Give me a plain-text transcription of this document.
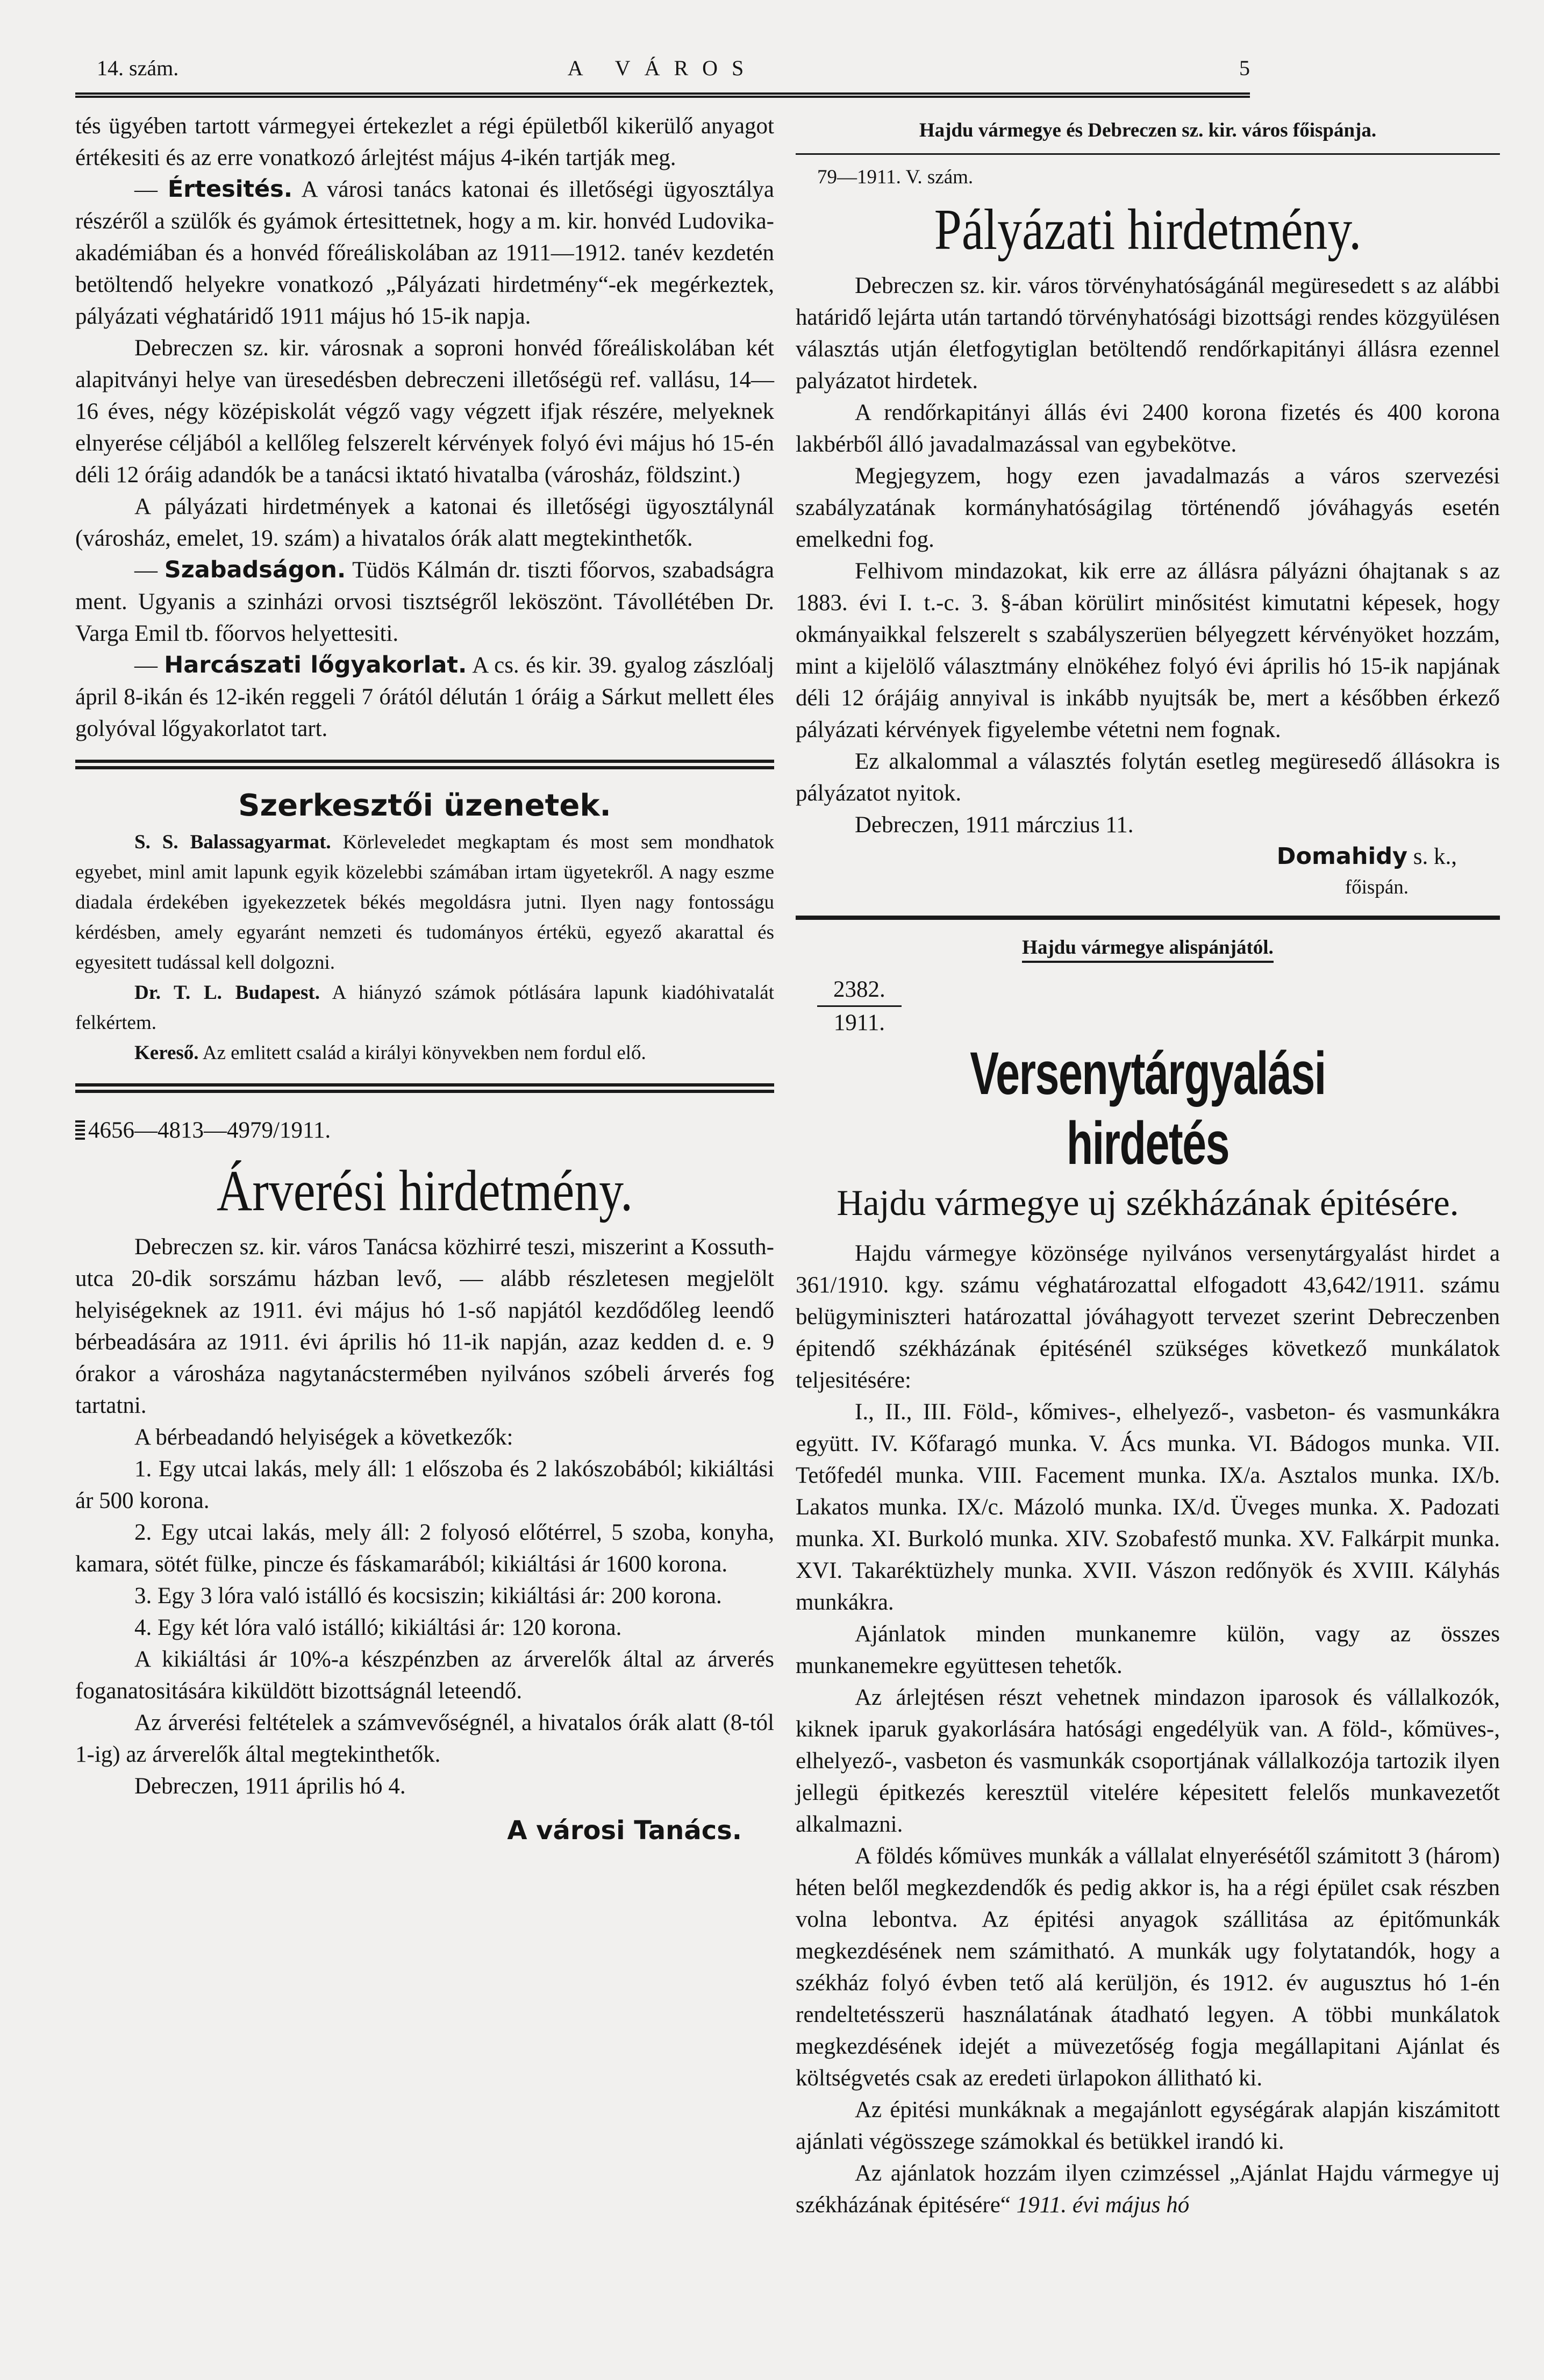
14. szám.	A VÁROS	5

tés ügyében tartott vármegyei értekezlet a régi épületből kikerülő anyagot értékesiti és az erre vonatkozó árlejtést május 4-ikén tartják meg.

— Értesités. A városi tanács katonai és illetőségi ügyosztálya részéről a szülők és gyámok értesittetnek, hogy a m. kir. honvéd Ludovika-akadémiában és a honvéd főreáliskolában az 1911—1912. tanév kezdetén betöltendő helyekre vonatkozó „Pályázati hirdetmény“-ek megérkeztek, pályázati véghatáridő 1911 május hó 15-ik napja.

Debreczen sz. kir. városnak a soproni honvéd főreáliskolában két alapitványi helye van üresedésben debreczeni illetőségü ref. vallásu, 14—16 éves, négy középiskolát végző vagy végzett ifjak részére, melyeknek elnyerése céljából a kellőleg felszerelt kérvények folyó évi május hó 15-én déli 12 óráig adandók be a tanácsi iktató hivatalba (városház, földszint.)

A pályázati hirdetmények a katonai és illetőségi ügyosztálynál (városház, emelet, 19. szám) a hivatalos órák alatt megtekinthetők.

— Szabadságon. Tüdös Kálmán dr. tiszti főorvos, szabadságra ment. Ugyanis a szinházi orvosi tisztségről leköszönt. Távollétében Dr. Varga Emil tb. főorvos helyettesiti.

— Harcászati lőgyakorlat. A cs. és kir. 39. gyalog zászlóalj ápril 8-ikán és 12-ikén reggeli 7 órától délután 1 óráig a Sárkut mellett éles golyóval lőgyakorlatot tart.

Szerkesztői üzenetek.

S. S. Balassagyarmat. Körleveledet megkaptam és most sem mondhatok egyebet, minl amit lapunk egyik közelebbi számában irtam ügyetekről. A nagy eszme diadala érdekében igyekezzetek békés megoldásra jutni. Ilyen nagy fontosságu kérdésben, amely egyaránt nemzeti és tudományos értékü, egyező akarattal és egyesitett tudással kell dolgozni.

Dr. T. L. Budapest. A hiányzó számok pótlására lapunk kiadóhivatalát felkértem.

Kereső. Az emlitett család a királyi könyvekben nem fordul elő.

4656—4813—4979/1911.

Árverési hirdetmény.

Debreczen sz. kir. város Tanácsa közhirré teszi, miszerint a Kossuth-utca 20-dik sorszámu házban levő, — alább részletesen megjelölt helyiségeknek az 1911. évi május hó 1-ső napjától kezdődőleg leendő bérbeadására az 1911. évi április hó 11-ik napján, azaz kedden d. e. 9 órakor a városháza nagytanácstermében nyilvános szóbeli árverés fog tartatni.

A bérbeadandó helyiségek a következők:

1. Egy utcai lakás, mely áll: 1 előszoba és 2 lakószobából; kikiáltási ár 500 korona.

2. Egy utcai lakás, mely áll: 2 folyosó előtérrel, 5 szoba, konyha, kamara, sötét fülke, pincze és fáskamarából; kikiáltási ár 1600 korona.

3. Egy 3 lóra való istálló és kocsiszin; kikiáltási ár: 200 korona.

4. Egy két lóra való istálló; kikiáltási ár: 120 korona.

A kikiáltási ár 10%-a készpénzben az árverelők által az árverés foganatositására kiküldött bizottságnál leteendő.

Az árverési feltételek a számvevőségnél, a hivatalos órák alatt (8-tól 1-ig) az árverelők által megtekinthetők.

Debreczen, 1911 április hó 4.

A városi Tanács.

Hajdu vármegye és Debreczen sz. kir. város főispánja.

79—1911. V. szám.

Pályázati hirdetmény.

Debreczen sz. kir. város törvényhatóságánál megüresedett s az alábbi határidő lejárta után tartandó törvényhatósági bizottsági rendes közgyülésen választás utján életfogytiglan betöltendő rendőrkapitányi állásra ezennel palyázatot hirdetek.

A rendőrkapitányi állás évi 2400 korona fizetés és 400 korona lakbérből álló javadalmazással van egybekötve.

Megjegyzem, hogy ezen javadalmazás a város szervezési szabályzatának kormányhatóságilag történendő jóváhagyás esetén emelkedni fog.

Felhivom mindazokat, kik erre az állásra pályázni óhajtanak s az 1883. évi I. t.-c. 3. §-ában körülirt minősitést kimutatni képesek, hogy okmányaikkal felszerelt s szabályszerüen bélyegzett kérvényöket hozzám, mint a kijelölő választmány elnökéhez folyó évi április hó 15-ik napjának déli 12 órájáig annyival is inkább nyujtsák be, mert a későbben érkező pályázati kérvények figyelembe vétetni nem fognak.

Ez alkalommal a választés folytán esetleg megüresedő állásokra is pályázatot nyitok.

Debreczen, 1911 márczius 11.

Domahidy s. k.,

főispán.

Hajdu vármegye alispánjától.

$\frac{2382.}{1911.}$
Versenytárgyalási hirdetés
Hajdu vármegye uj székházának épitésére.

Hajdu vármegye közönsége nyilvános versenytárgyalást hirdet a 361/1910. kgy. számu véghatározattal elfogadott 43,642/1911. számu belügyminiszteri határozattal jóváhagyott tervezet szerint Debreczenben épitendő székházának épitésénél szükséges következő munkálatok teljesitésére:

I., II., III. Föld-, kőmives-, elhelyező-, vasbeton- és vasmunkákra együtt. IV. Kőfaragó munka. V. Ács munka. VI. Bádogos munka. VII. Tetőfedél munka. VIII. Facement munka. IX/a. Asztalos munka. IX/b. Lakatos munka. IX/c. Mázoló munka. IX/d. Üveges munka. X. Padozati munka. XI. Burkoló munka. XIV. Szobafestő munka. XV. Falkárpit munka. XVI. Takaréktüzhely munka. XVII. Vászon redőnyök és XVIII. Kályhás munkákra.

Ajánlatok minden munkanemre külön, vagy az összes munkanemekre együttesen tehetők.

Az árlejtésen részt vehetnek mindazon iparosok és vállalkozók, kiknek iparuk gyakorlására hatósági engedélyük van. A föld-, kőmüves-, elhelyező-, vasbeton és vasmunkák csoportjának vállalkozója tartozik ilyen jellegü épitkezés keresztül vitelére képesitett felelős munkavezetőt alkalmazni.

A földés kőmüves munkák a vállalat elnyerésétől számitott 3 (három) héten belől megkezdendők és pedig akkor is, ha a régi épület csak részben volna lebontva. Az épitési anyagok szállitása az épitőmunkák megkezdésének nem számitható. A munkák ugy folytatandók, hogy a székház folyó évben tető alá kerüljön, és 1912. év augusztus hó 1-én rendeltetésszerü használatának átadható legyen. A többi munkálatok megkezdésének idejét a müvezetőség fogja megállapitani Ajánlat és költségvetés csak az eredeti ürlapokon állitható ki.

Az épitési munkáknak a megajánlott egységárak alapján kiszámitott ajánlati végösszege számokkal és betükkel irandó ki.

Az ajánlatok hozzám ilyen czimzéssel „Ajánlat Hajdu vármegye uj székházának épitésére“ 1911. évi május hó
